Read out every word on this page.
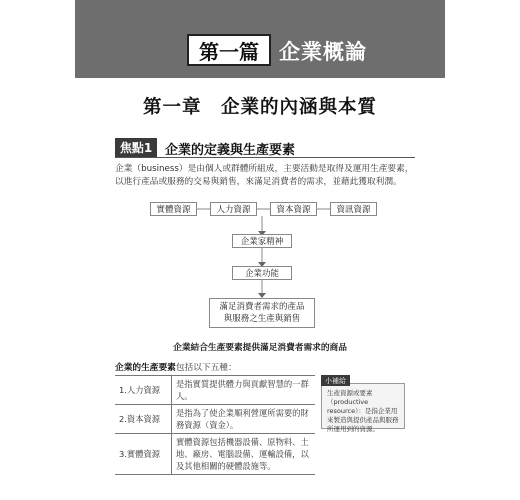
第一篇 企業概論
第一章　企業的內涵與本質
焦點1 企業的定義與生產要素
企業（business）是由個人或群體所組成，主要活動是取得及運用生產要素，以進行產品或服務的交易與銷售，來滿足消費者的需求，並藉此獲取利潤。
實體資源	人力資源	資本資源	資訊資源
企業家精神
企業功能
滿足消費者需求的產品
與服務之生產與銷售
企業結合生產要素提供滿足消費者需求的商品
企業的生產要素包括以下五種：
1.人力資源	是指實質提供體力與貢獻智慧的一群人。
2.資本資源	是指為了使企業順利營運所需要的財務資源（資金）。
3.實體資源	實體資源包括機器設備、原物料、土地、廠房、電腦設備、運輸設備，以及其他相關的硬體設施等。
小補給
生產資源或要素（productive resource）：是指企業用來製造與提供產品與服務所運用到的資源。
